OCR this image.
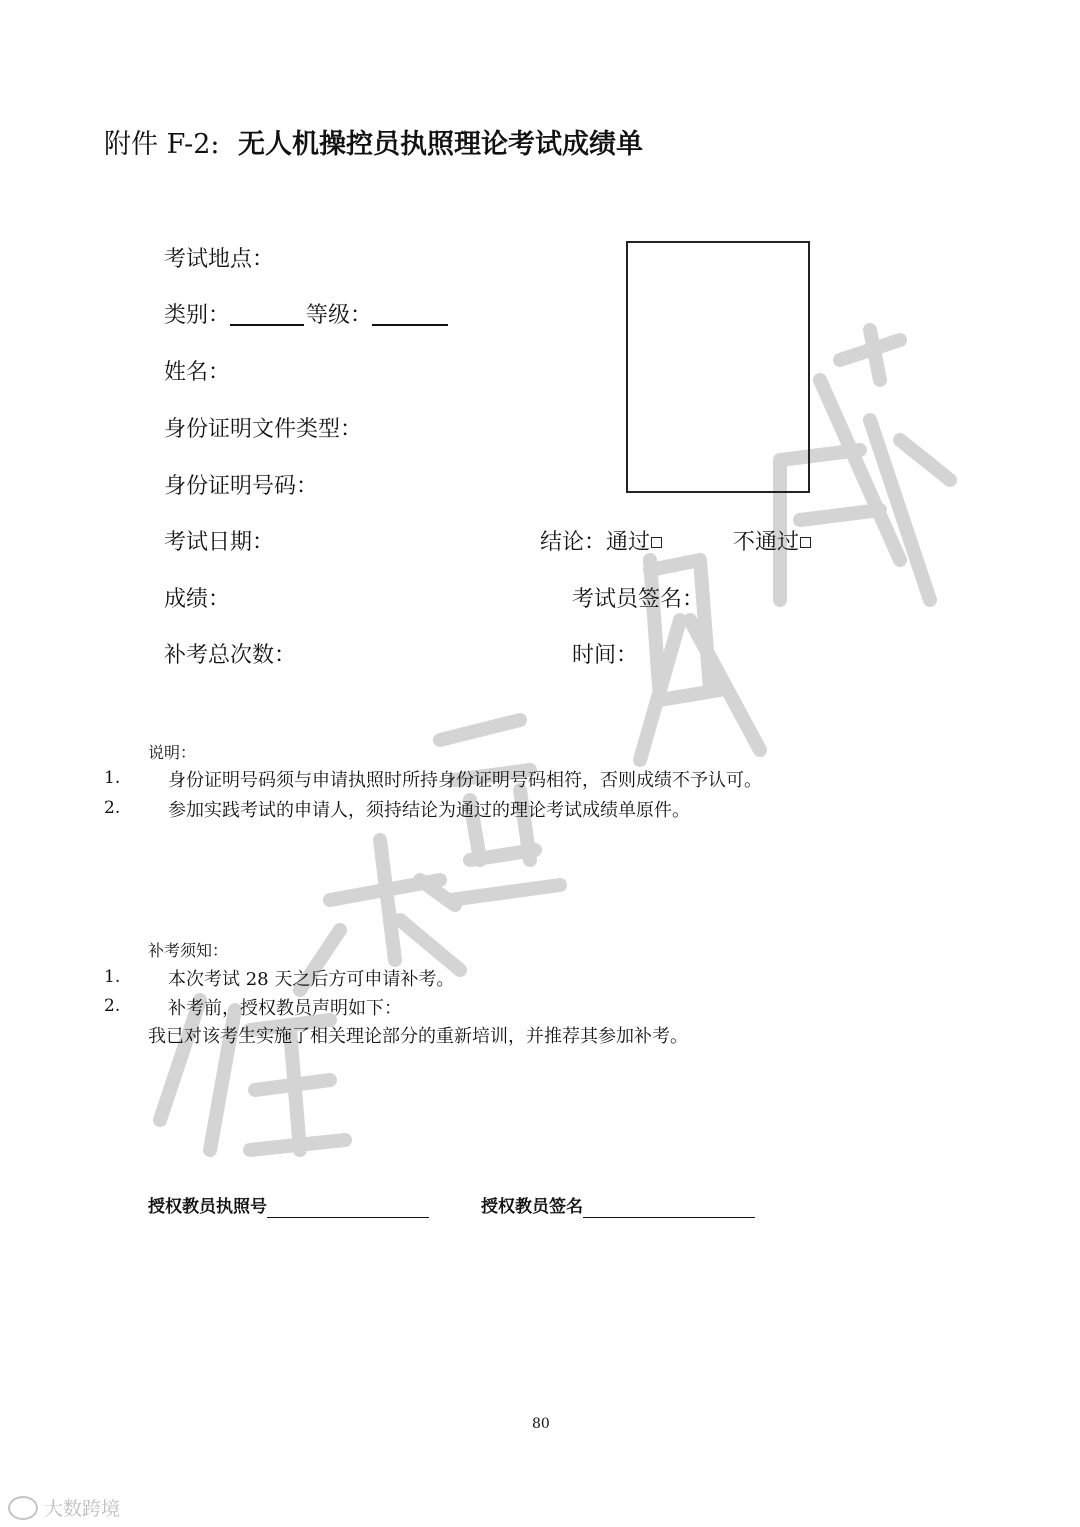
征求意见稿
附件 F-2: 无人机操控员执照理论考试成绩单
考试地点：
类别：	等级：
姓名：
身份证明文件类型：
身份证明号码：
考试日期：	结论：通过	不通过
成绩：	考试员签名：
补考总次数：	时间：
说明：
1.	身份证明号码须与申请执照时所持身份证明号码相符，否则成绩不予认可。
2.	参加实践考试的申请人，须持结论为通过的理论考试成绩单原件。
补考须知：
1.	本次考试 28 天之后方可申请补考。
2.	补考前，授权教员声明如下：
我已对该考生实施了相关理论部分的重新培训，并推荐其参加补考。
授权教员执照号	授权教员签名
80
大数跨境
